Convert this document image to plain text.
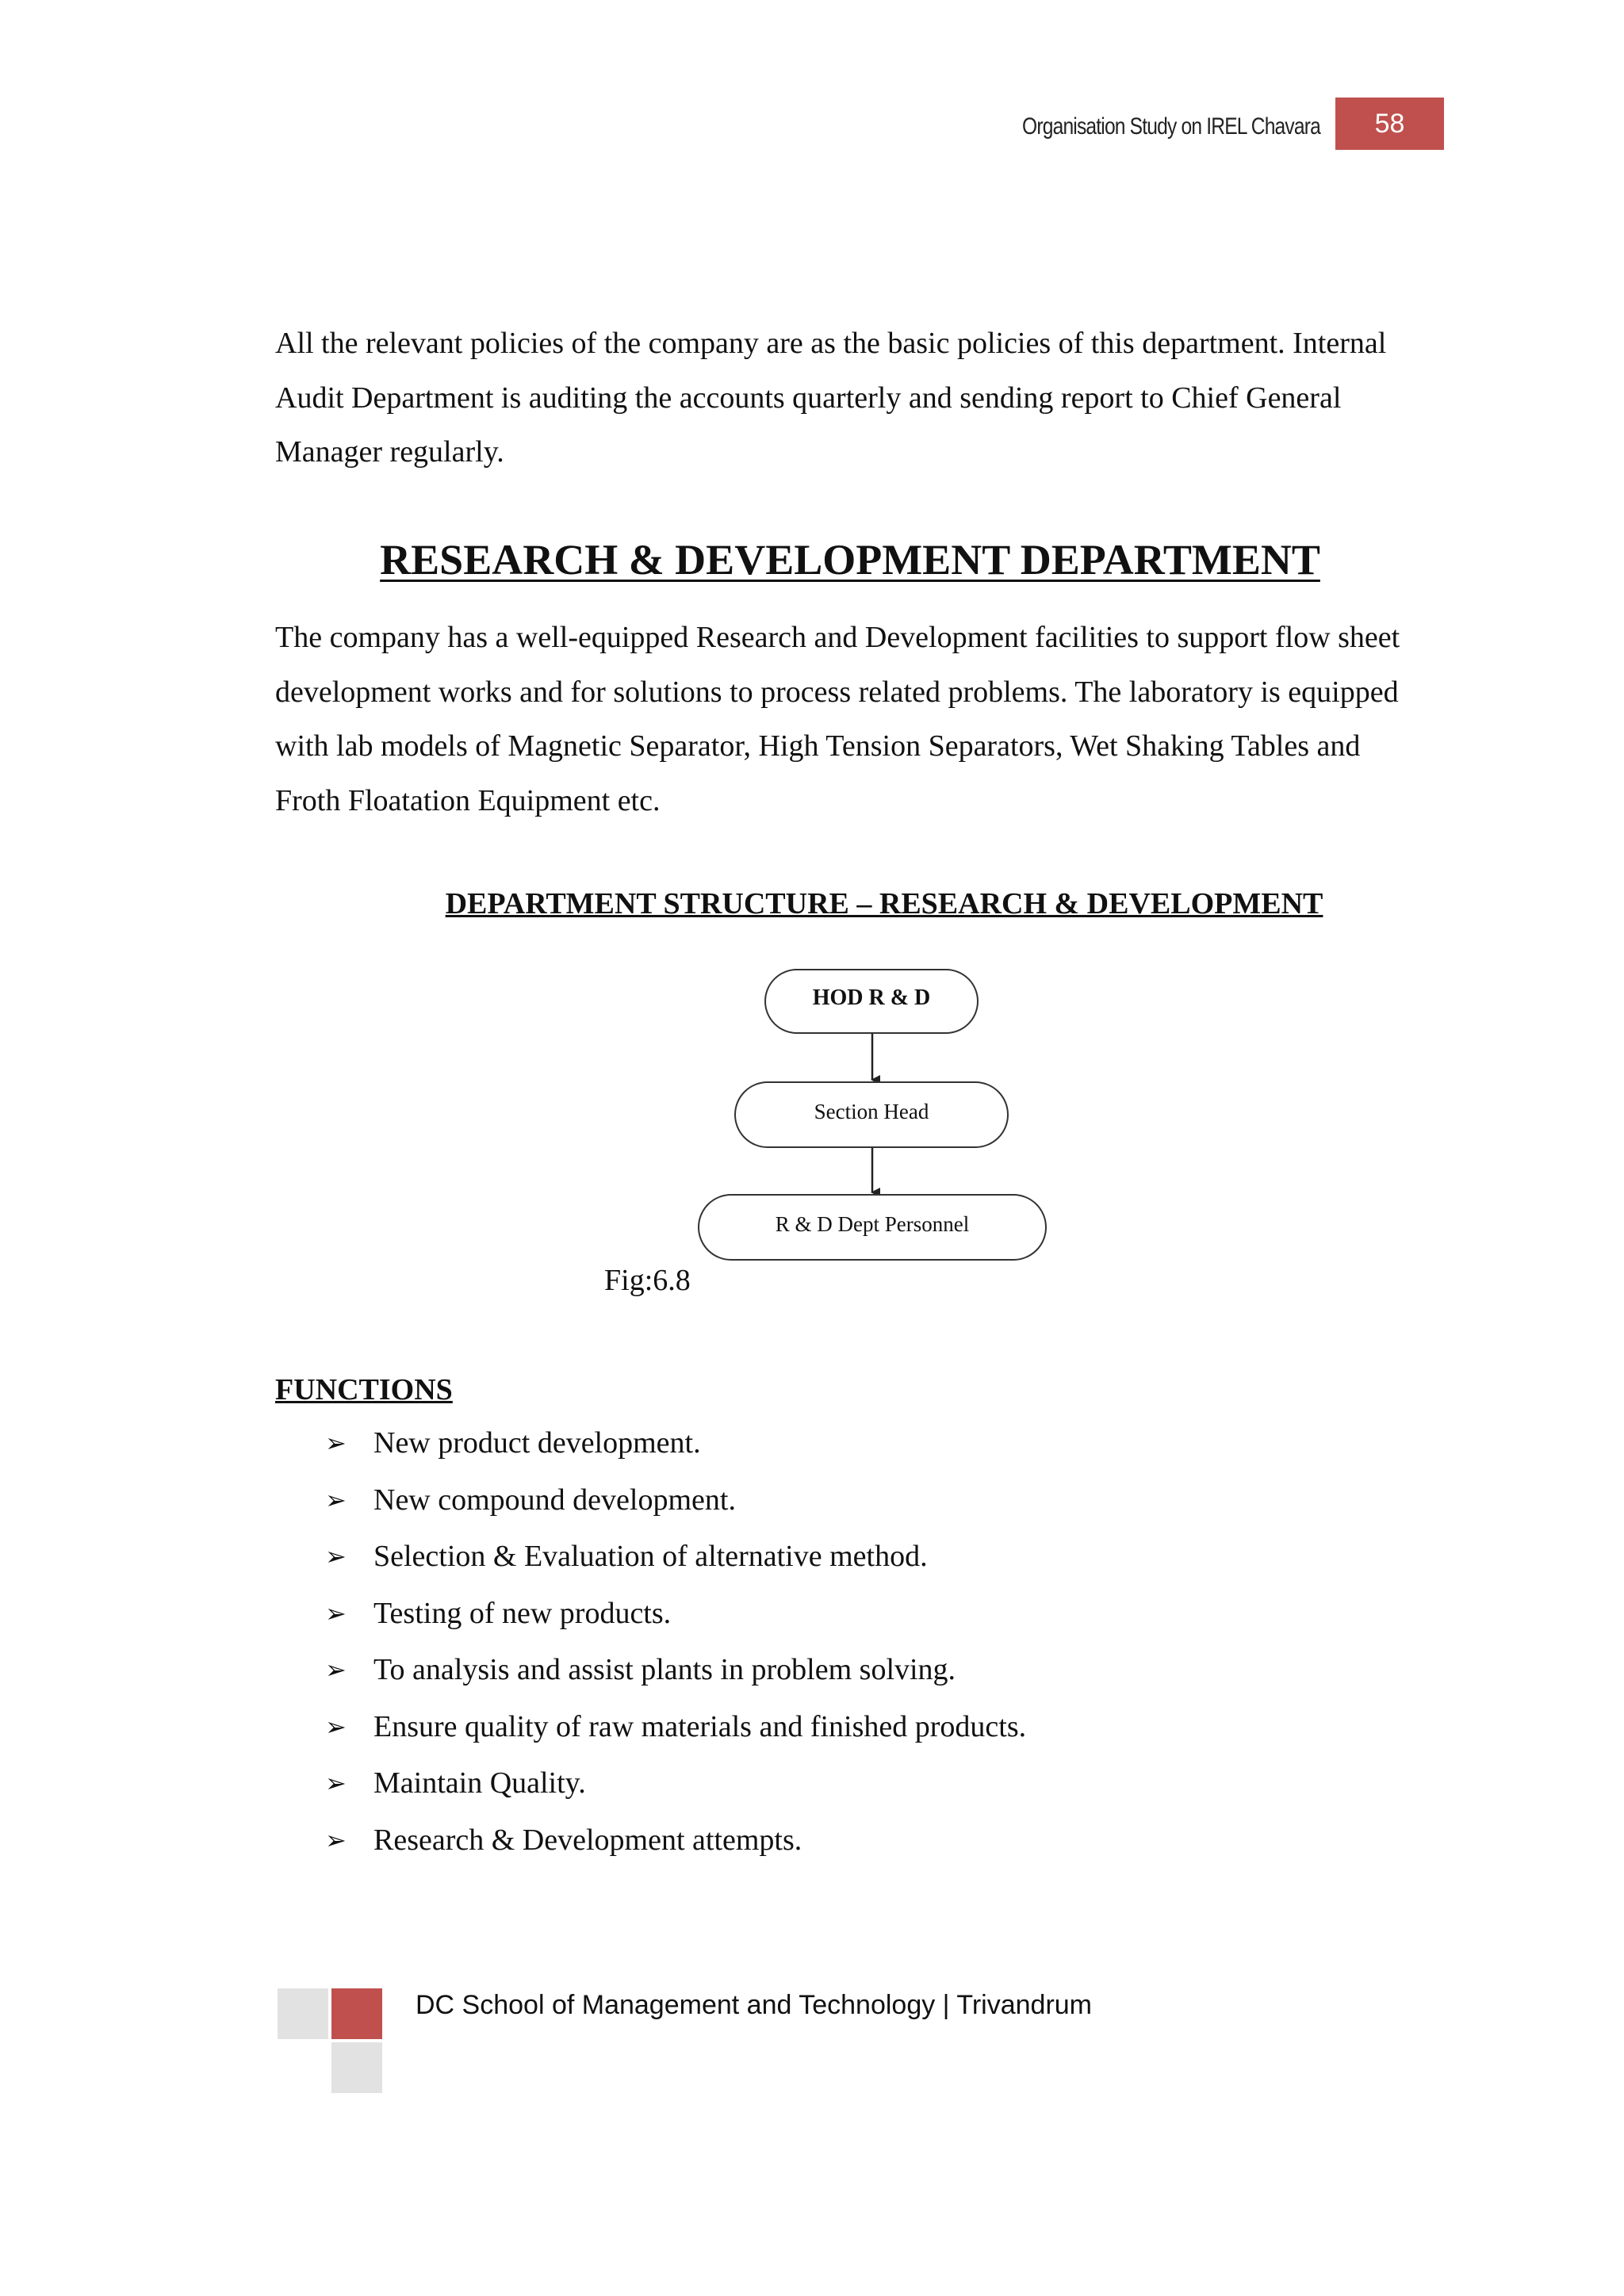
Organisation Study on IREL Chavara	58

All the relevant policies of the company are as the basic policies of this department. Internal Audit Department is auditing the accounts quarterly and sending report to Chief General Manager regularly.

RESEARCH & DEVELOPMENT DEPARTMENT

The company has a well-equipped Research and Development facilities to support flow sheet development works and for solutions to process related problems. The laboratory is equipped with lab models of Magnetic Separator, High Tension Separators, Wet Shaking Tables and Froth Floatation Equipment etc.

DEPARTMENT STRUCTURE – RESEARCH & DEVELOPMENT
HOD R & D
Section Head
R & D Dept Personnel
Fig:6.8
FUNCTIONS
➢ New product development.
➢ New compound development.
➢ Selection & Evaluation of alternative method.
➢ Testing of new products.
➢ To analysis and assist plants in problem solving.
➢ Ensure quality of raw materials and finished products.
➢ Maintain Quality.
➢ Research & Development attempts.
DC School of Management and Technology | Trivandrum
